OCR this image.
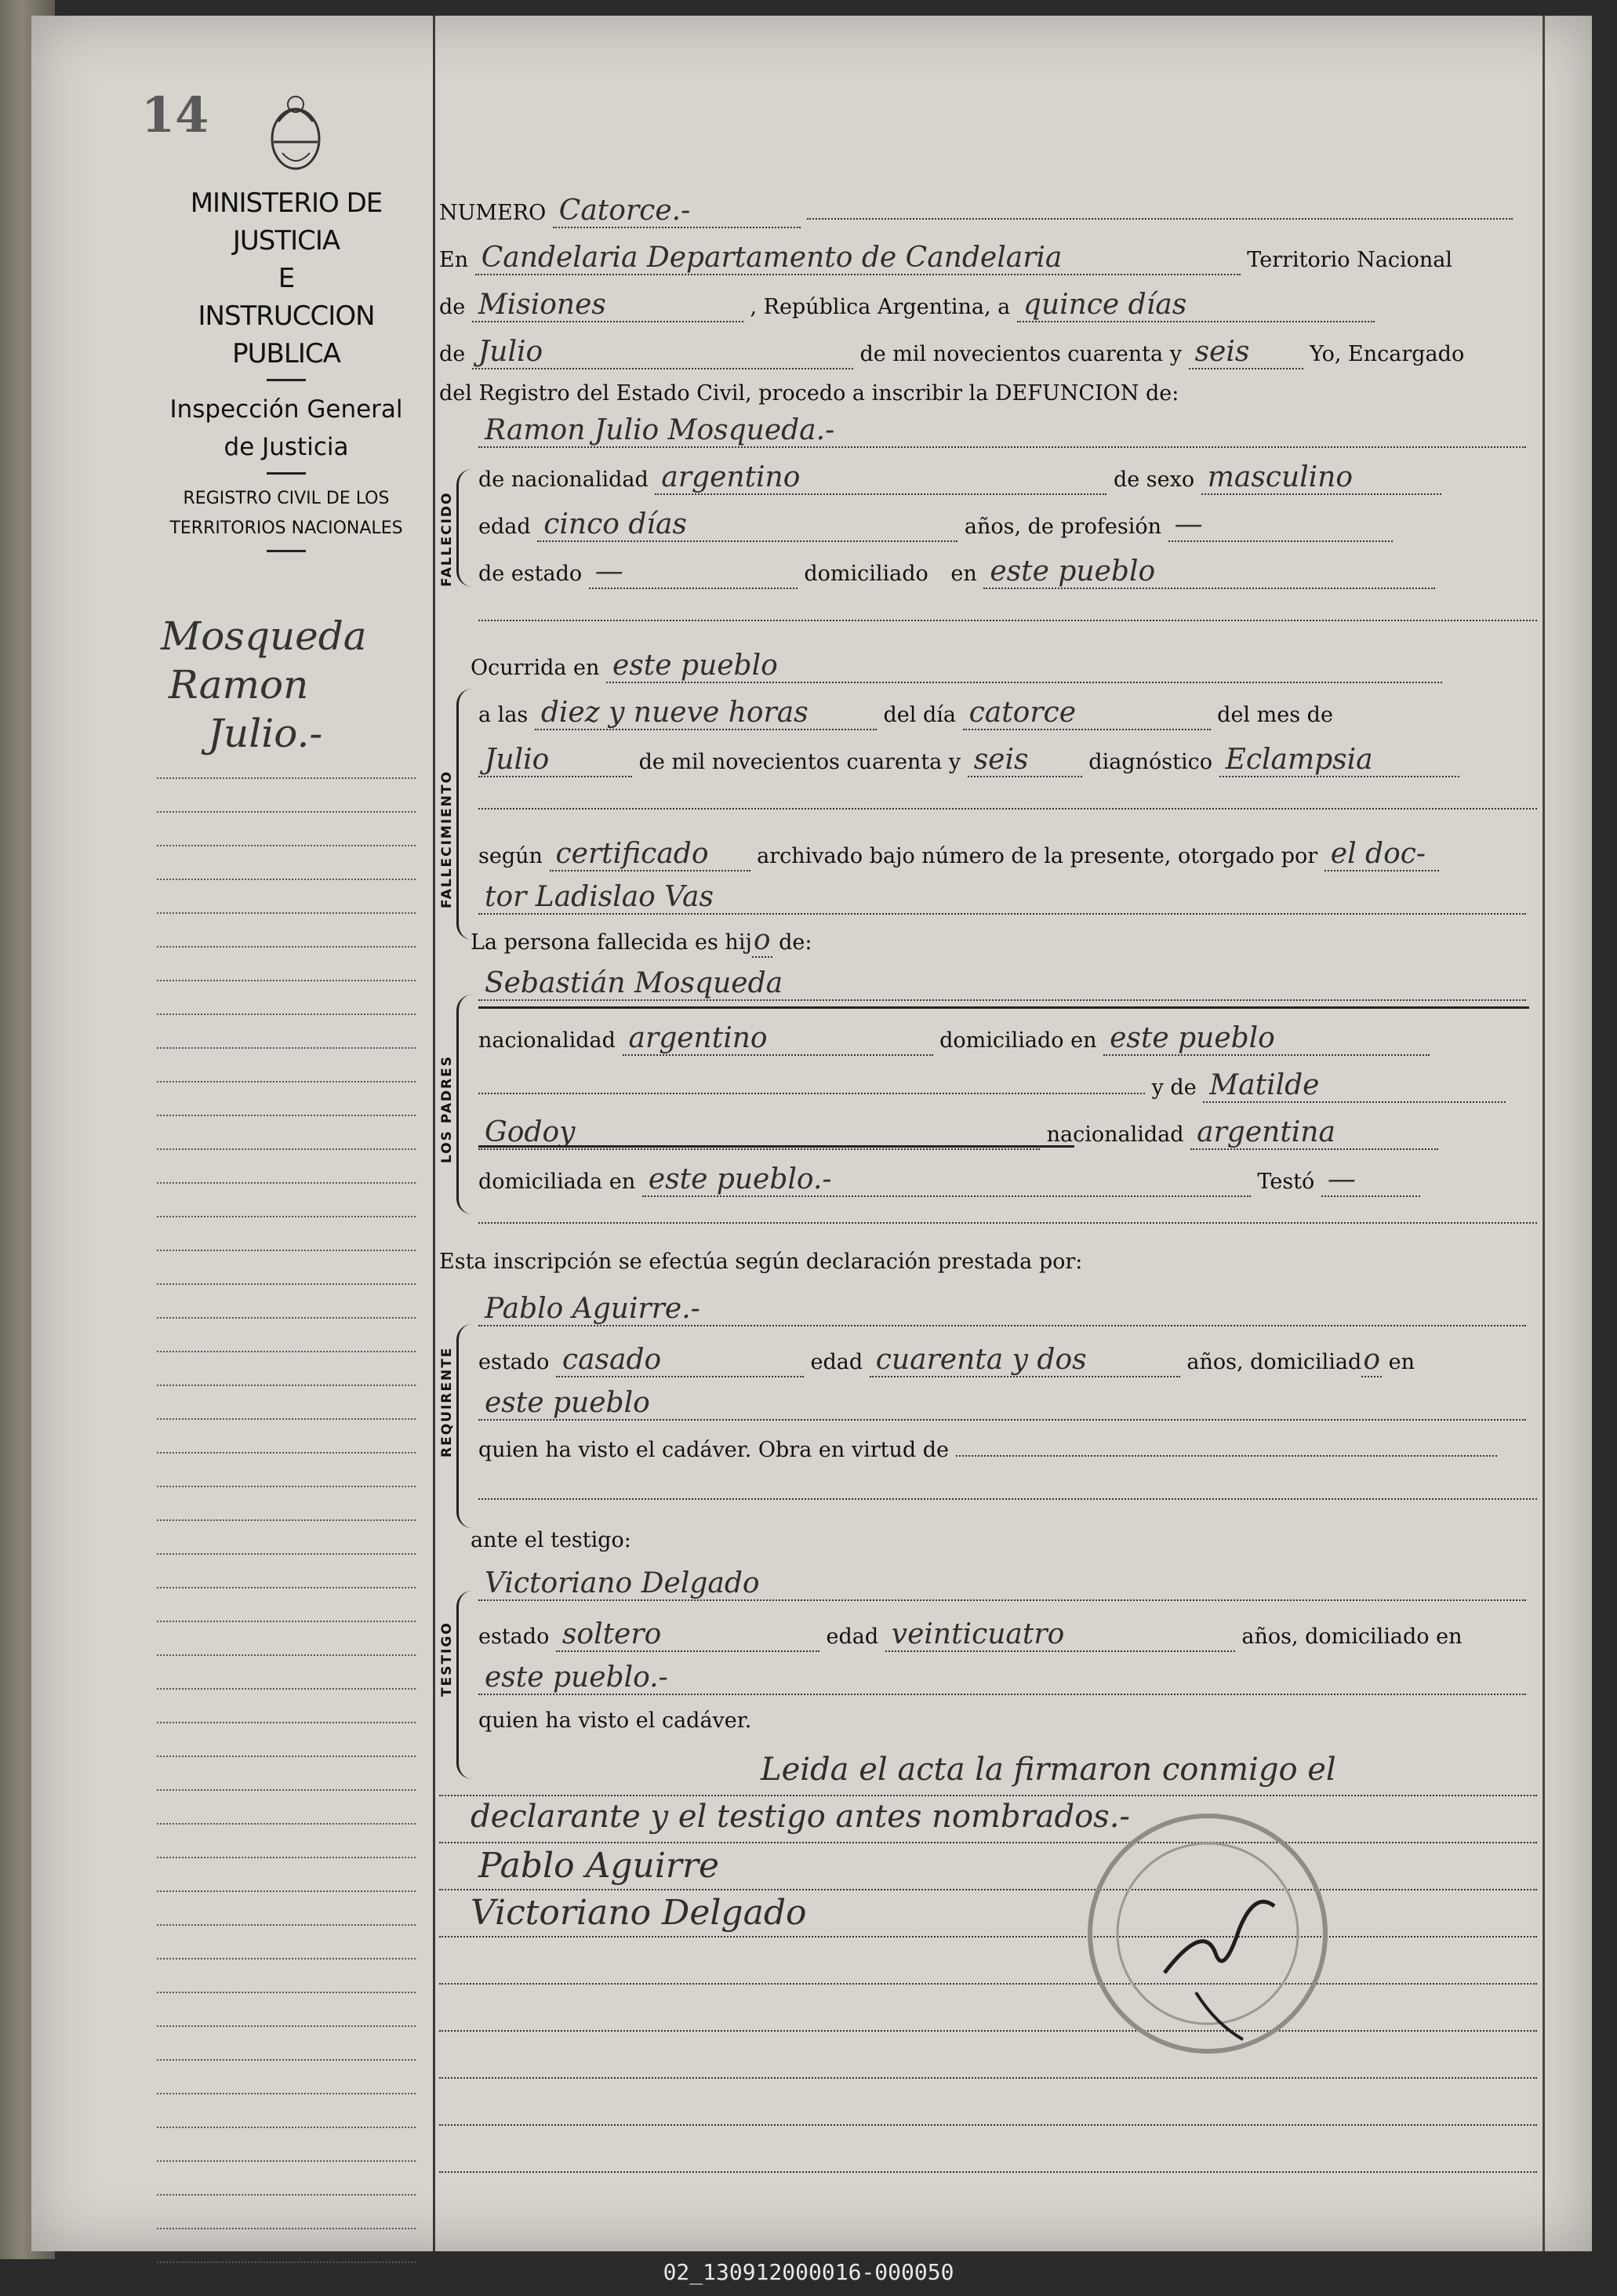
14
MINISTERIO DE JUSTICIA
E
INSTRUCCION PUBLICA
Inspección General
de Justicia
REGISTRO CIVIL DE LOS
TERRITORIOS NACIONALES
Mosqueda
Ramon
Julio.-
NUMERO Catorce.-
En Candelaria Departamento de Candelaria	Territorio Nacional
de Misiones	, República Argentina, a quince días
de Julio	de mil novecientos cuarenta y seis	Yo, Encargado
del Registro del Estado Civil, procedo a inscribir la DEFUNCION de:
FALLECIDO
Ramon Julio Mosqueda.-
de nacionalidad argentino	de sexo masculino
edad cinco días	años, de profesión —
de estado —	domiciliado en este pueblo
FALLECIMIENTO
Ocurrida en este pueblo
a las diez y nueve horas	del día catorce	del mes de
Julio	de mil novecientos cuarenta y seis	diagnóstico Eclampsia
según certificado archivado bajo número de la presente, otorgado por el doc-
tor Ladislao Vas
La persona fallecida es hijo de:
LOS PADRES
Sebastián Mosqueda
nacionalidad argentino	domiciliado en este pueblo
y de Matilde
Godoy	nacionalidad argentina
domiciliada en este pueblo.-	Testó —
Esta inscripción se efectúa según declaración prestada por:
REQUIRENTE
Pablo Aguirre.-
estado casado	edad cuarenta y dos	años, domiciliado en
este pueblo
quien ha visto el cadáver. Obra en virtud de
ante el testigo:
TESTIGO
Victoriano Delgado
estado soltero	edad veinticuatro	años, domiciliado en
este pueblo.-
quien ha visto el cadáver.
Leida el acta la firmaron conmigo el
declarante y el testigo antes nombrados.-
Pablo Aguirre
Victoriano Delgado
02_130912000016-000050
